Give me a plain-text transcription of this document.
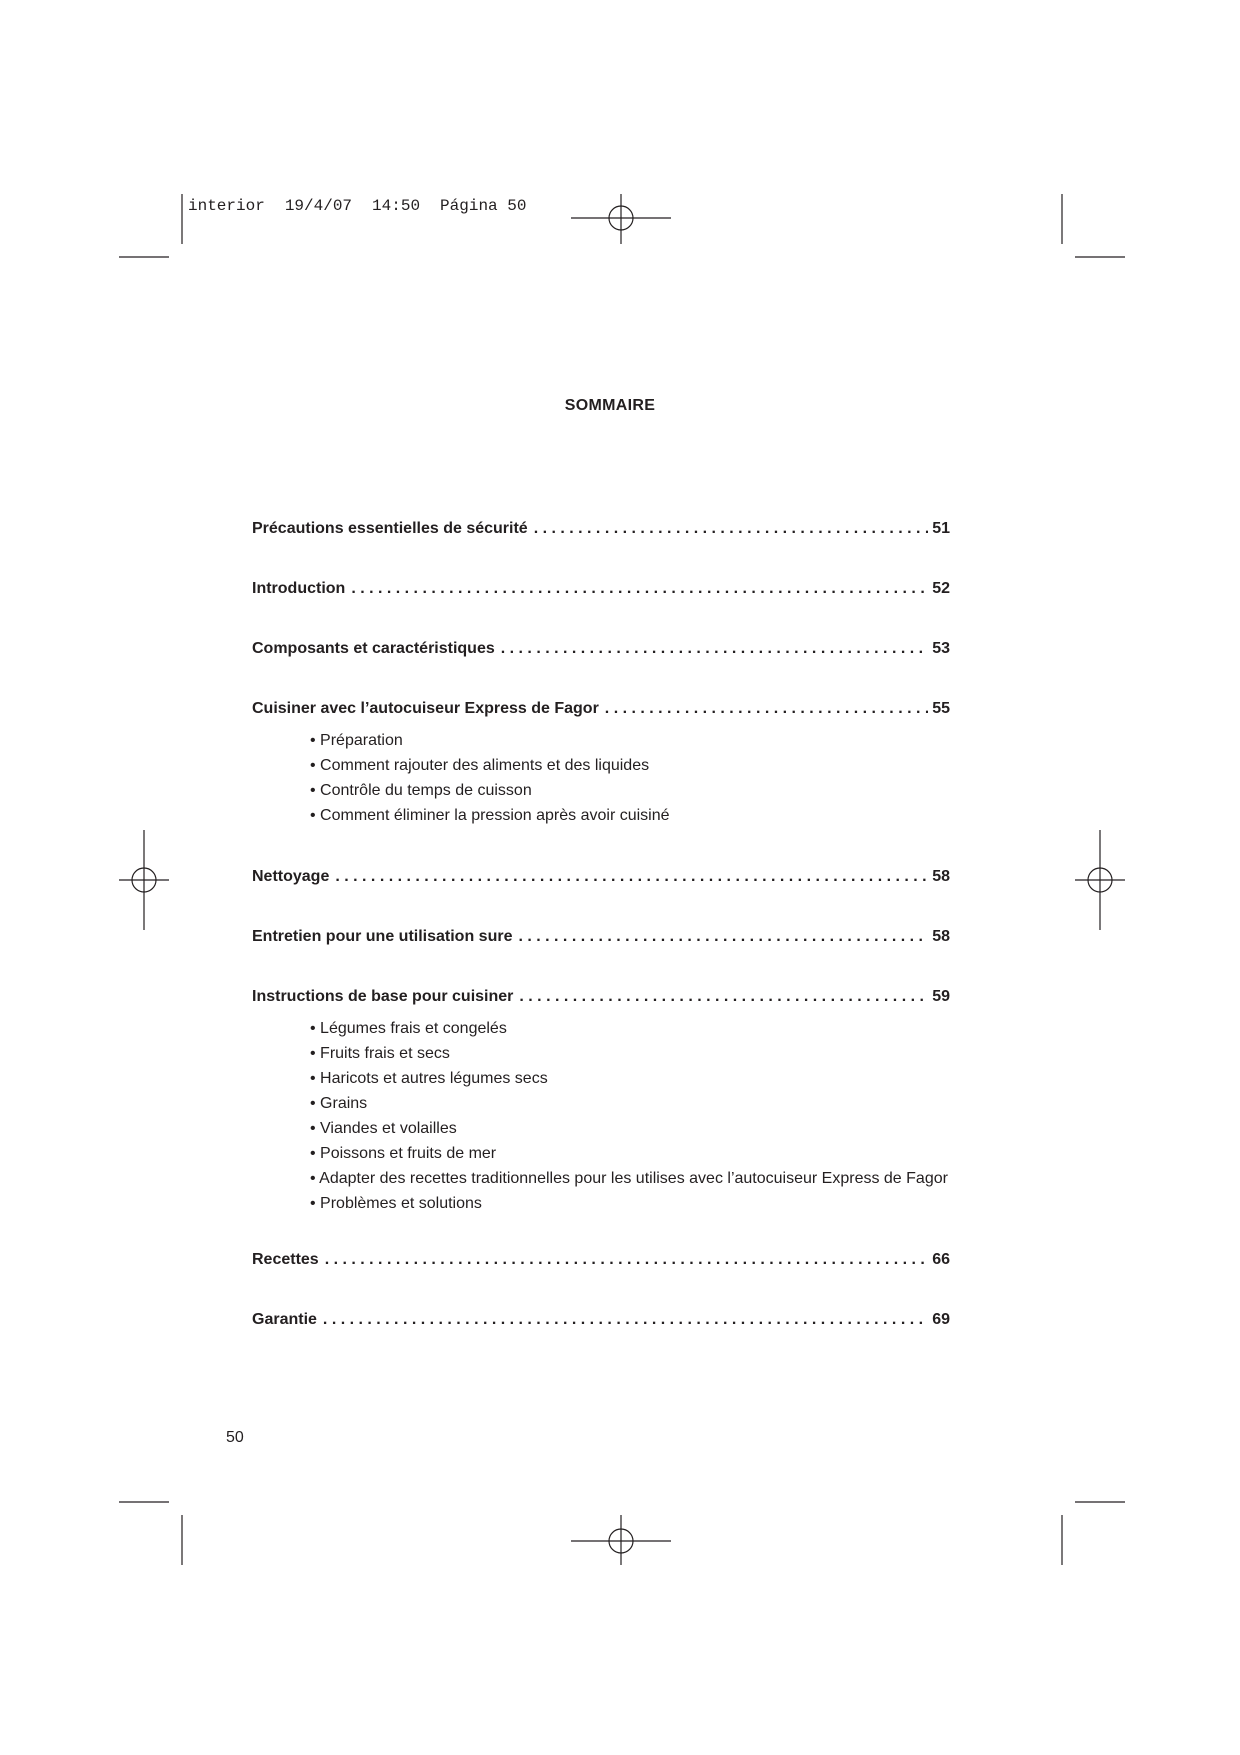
interior 19/4/07 14:50 Página 50
SOMMAIRE
Précautions essentielles de sécurité . . .	51
Introduction . . .	52
Composants et caractéristiques . . .	53
Cuisiner avec l’autocuiseur Express de Fagor . . .	55
Nettoyage . . .	58
Entretien pour une utilisation sure . . .	58
Instructions de base pour cuisiner . . .	59
Recettes . . .	66
Garantie . . .	69
• Préparation
• Comment rajouter des aliments et des liquides
• Contrôle du temps de cuisson
• Comment éliminer la pression après avoir cuisiné
• Légumes frais et congelés
• Fruits frais et secs
• Haricots et autres légumes secs
• Grains
• Viandes et volailles
• Poissons et fruits de mer
• Adapter des recettes traditionnelles pour les utilises avec l’autocuiseur Express de Fagor
• Problèmes et solutions
50
